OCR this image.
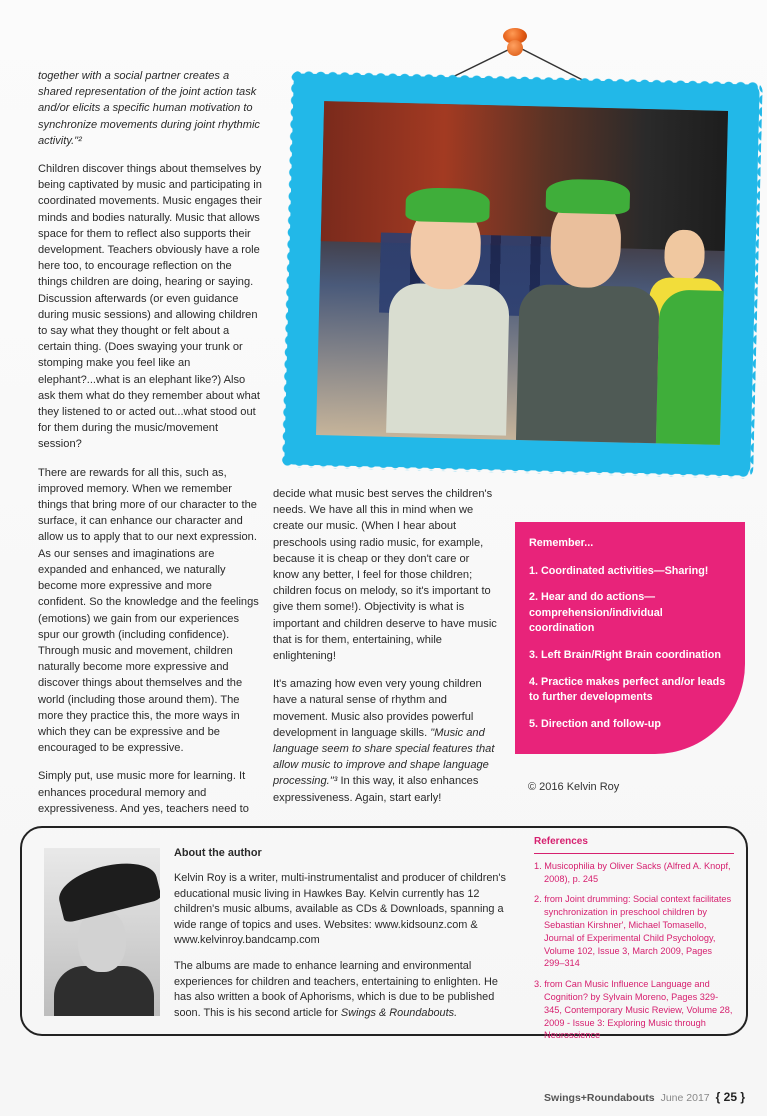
together with a social partner creates a shared representation of the joint action task and/or elicits a specific human motivation to synchronize movements during joint rhythmic activity."²

Children discover things about themselves by being captivated by music and participating in coordinated movements. Music engages their minds and bodies naturally. Music that allows space for them to reflect also supports their development. Teachers obviously have a role here too, to encourage reflection on the things children are doing, hearing or saying. Discussion afterwards (or even guidance during music sessions) and allowing children to say what they thought or felt about a certain thing. (Does swaying your trunk or stomping make you feel like an elephant?...what is an elephant like?) Also ask them what do they remember about what they listened to or acted out...what stood out for them during the music/movement session?

There are rewards for all this, such as, improved memory. When we remember things that bring more of our character to the surface, it can enhance our character and allow us to apply that to our next expression. As our senses and imaginations are expanded and enhanced, we naturally become more expressive and more confident. So the knowledge and the feelings (emotions) we gain from our experiences spur our growth (including confidence). Through music and movement, children naturally become more expressive and discover things about themselves and the world (including those around them). The more they practice this, the more ways in which they can be expressive and be encouraged to be expressive.

Simply put, use music more for learning. It enhances procedural memory and expressiveness. And yes, teachers need to

decide what music best serves the children's needs. We have all this in mind when we create our music. (When I hear about preschools using radio music, for example, because it is cheap or they don't care or know any better, I feel for those children; children focus on melody, so it's important to give them some!). Objectivity is what is important and children deserve to have music that is for them, entertaining, while enlightening!

It's amazing how even very young children have a natural sense of rhythm and movement. Music also provides powerful development in language skills. "Music and language seem to share special features that allow music to improve and shape language processing."³ In this way, it also enhances expressiveness. Again, start early!

Remember...
1. Coordinated activities—Sharing!
2. Hear and do actions—comprehension/individual coordination
3. Left Brain/Right Brain coordination
4. Practice makes perfect and/or leads to further developments
5. Direction and follow-up
© 2016 Kelvin Roy
About the author

Kelvin Roy is a writer, multi-instrumentalist and producer of children's educational music living in Hawkes Bay. Kelvin currently has 12 children's music albums, available as CDs & Downloads, spanning a wide range of topics and uses. Websites: www.kidsounz.com & www.kelvinroy.bandcamp.com

The albums are made to enhance learning and environmental experiences for children and teachers, entertaining to enlighten. He has also written a book of Aphorisms, which is due to be published soon. This is his second article for Swings & Roundabouts.

References
1. Musicophilia by Oliver Sacks (Alfred A. Knopf, 2008), p. 245
2. from Joint drumming: Social context facilitates synchronization in preschool children by Sebastian Kirshner', Michael Tomasello, Journal of Experimental Child Psychology, Volume 102, Issue 3, March 2009, Pages 299–314
3. from Can Music Influence Language and Cognition? by Sylvain Moreno, Pages 329-345, Contemporary Music Review, Volume 28, 2009 - Issue 3: Exploring Music through Neuroscience
Swings+Roundabouts June 2017 { 25 }
